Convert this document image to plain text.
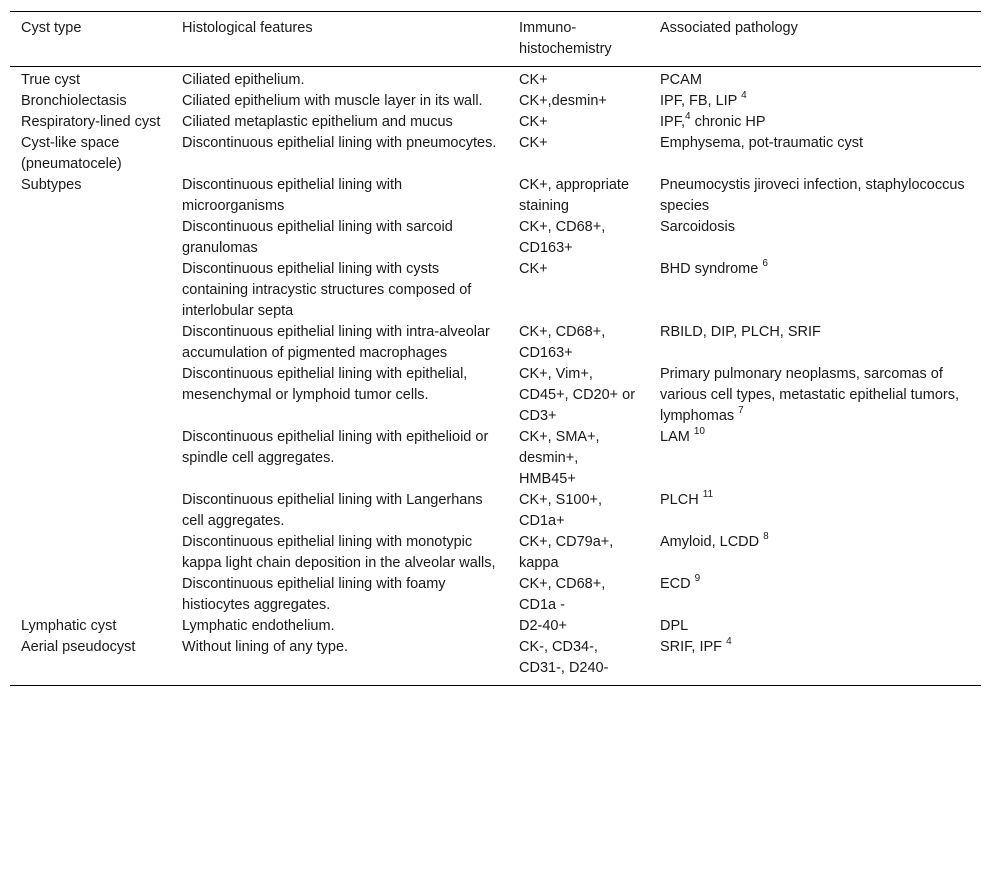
Cyst type	Histological features	Immuno-histochemistry	Associated pathology
True cyst	Ciliated epithelium.	CK+	PCAM
Bronchiolectasis	Ciliated epithelium with muscle layer in its wall.	CK+,desmin+	IPF, FB, LIP $^4$
Respiratory-lined cyst	Ciliated metaplastic epithelium and mucus	CK+	IPF,$^4$ chronic HP
Cyst-like space (pneumatocele)	Discontinuous epithelial lining with pneumocytes.	CK+	Emphysema, pot-traumatic cyst
Subtypes	Discontinuous epithelial lining with microorganisms	CK+, appropriate staining	Pneumocystis jiroveci infection, staphylococcus species
	Discontinuous epithelial lining with sarcoid granulomas	CK+, CD68+, CD163+	Sarcoidosis
	Discontinuous epithelial lining with cysts containing intracystic structures composed of interlobular septa	CK+	BHD syndrome $^6$
	Discontinuous epithelial lining with intra-alveolar accumulation of pigmented macrophages	CK+, CD68+, CD163+	RBILD, DIP, PLCH, SRIF
	Discontinuous epithelial lining with epithelial, mesenchymal or lymphoid tumor cells.	CK+, Vim+, CD45+, CD20+ or CD3+	Primary pulmonary neoplasms, sarcomas of various cell types, metastatic epithelial tumors, lymphomas $^7$
	Discontinuous epithelial lining with epithelioid or spindle cell aggregates.	CK+, SMA+, desmin+, HMB45+	LAM $^{10}$
	Discontinuous epithelial lining with Langerhans cell aggregates.	CK+, S100+, CD1a+	PLCH $^{11}$
	Discontinuous epithelial lining with monotypic kappa light chain deposition in the alveolar walls,	CK+, CD79a+, kappa	Amyloid, LCDD $^8$
	Discontinuous epithelial lining with foamy histiocytes aggregates.	CK+, CD68+, CD1a -	ECD $^9$
Lymphatic cyst	Lymphatic endothelium.	D2-40+	DPL
Aerial pseudocyst	Without lining of any type.	CK-, CD34-, CD31-, D240-	SRIF, IPF $^4$
